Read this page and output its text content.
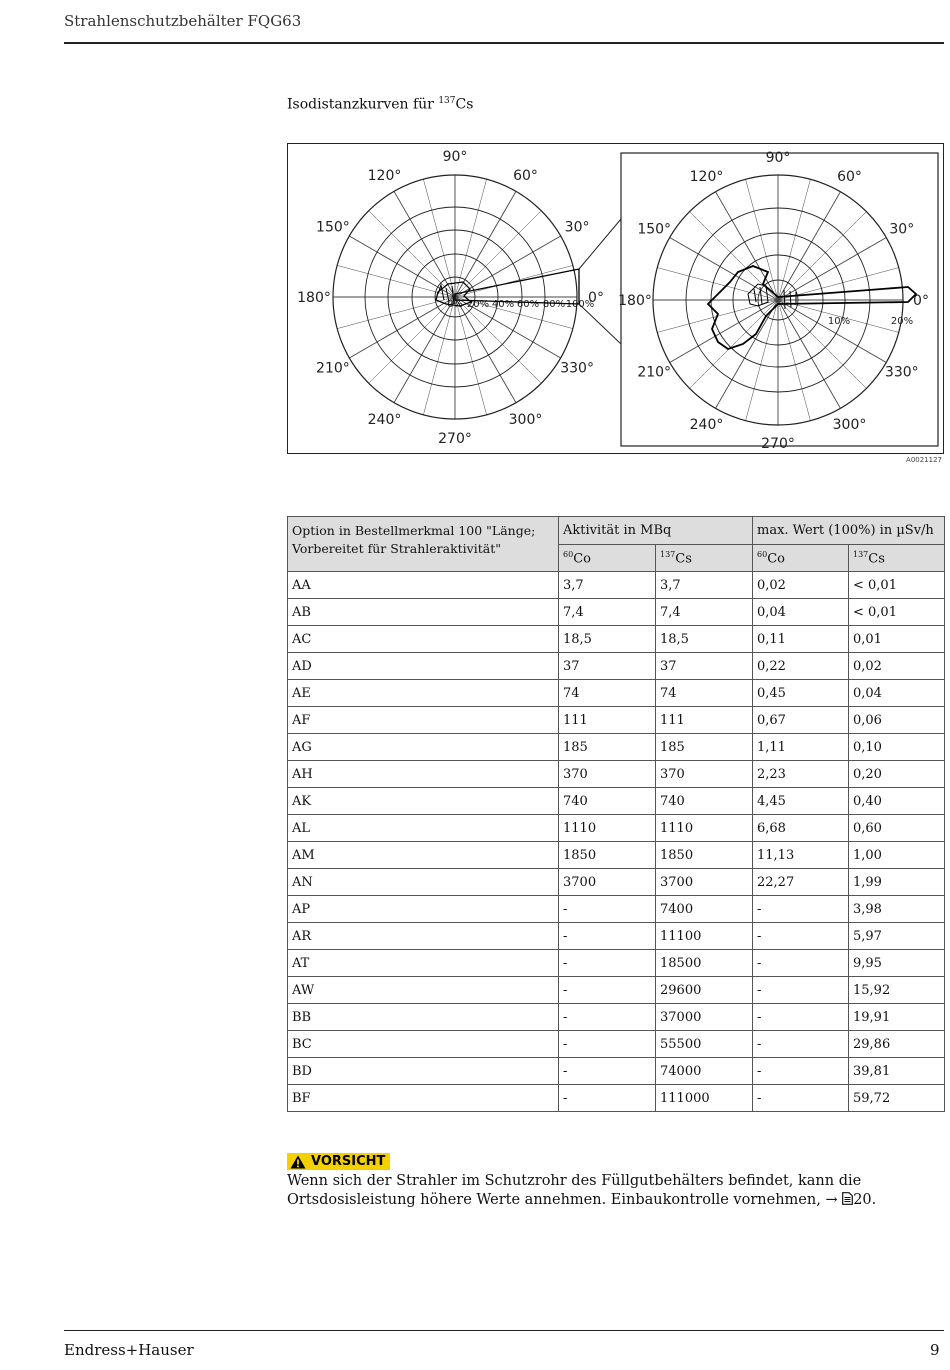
Strahlenschutzbehälter FQG63
Isodistanzkurven für $^{137}$Cs
0°
30°
60°
90°
120°
150°
180°
210°
240°
270°
300°
330°
0% 20% 40% 60% 80% 100%	0°
30°
60°
90°
120°
150°
180°
210°
240°
270°
300°
330°
10%	20%
A0021127
Option in Bestellmerkmal 100 "Länge; Vorbereitet für Strahleraktivität"	Aktivität in MBq		max. Wert (100%) in µSv/h	
	$^{60}$Co	$^{137}$Cs	$^{60}$Co	$^{137}$Cs
AA	3,7	3,7	0,02	< 0,01
AB	7,4	7,4	0,04	< 0,01
AC	18,5	18,5	0,11	0,01
AD	37	37	0,22	0,02
AE	74	74	0,45	0,04
AF	111	111	0,67	0,06
AG	185	185	1,11	0,10
AH	370	370	2,23	0,20
AK	740	740	4,45	0,40
AL	1110	1110	6,68	0,60
AM	1850	1850	11,13	1,00
AN	3700	3700	22,27	1,99
AP	-	7400	-	3,98
AR	-	11100	-	5,97
AT	-	18500	-	9,95
AW	-	29600	-	15,92
BB	-	37000	-	19,91
BC	-	55500	-	29,86
BD	-	74000	-	39,81
BF	-	111000	-	59,72
VORSICHT
Wenn sich der Strahler im Schutzrohr des Füllgutbehälters befindet, kann die Ortsdosisleistung höhere Werte annehmen. Einbaukontrolle vornehmen, → 20.
Endress+Hauser	9
